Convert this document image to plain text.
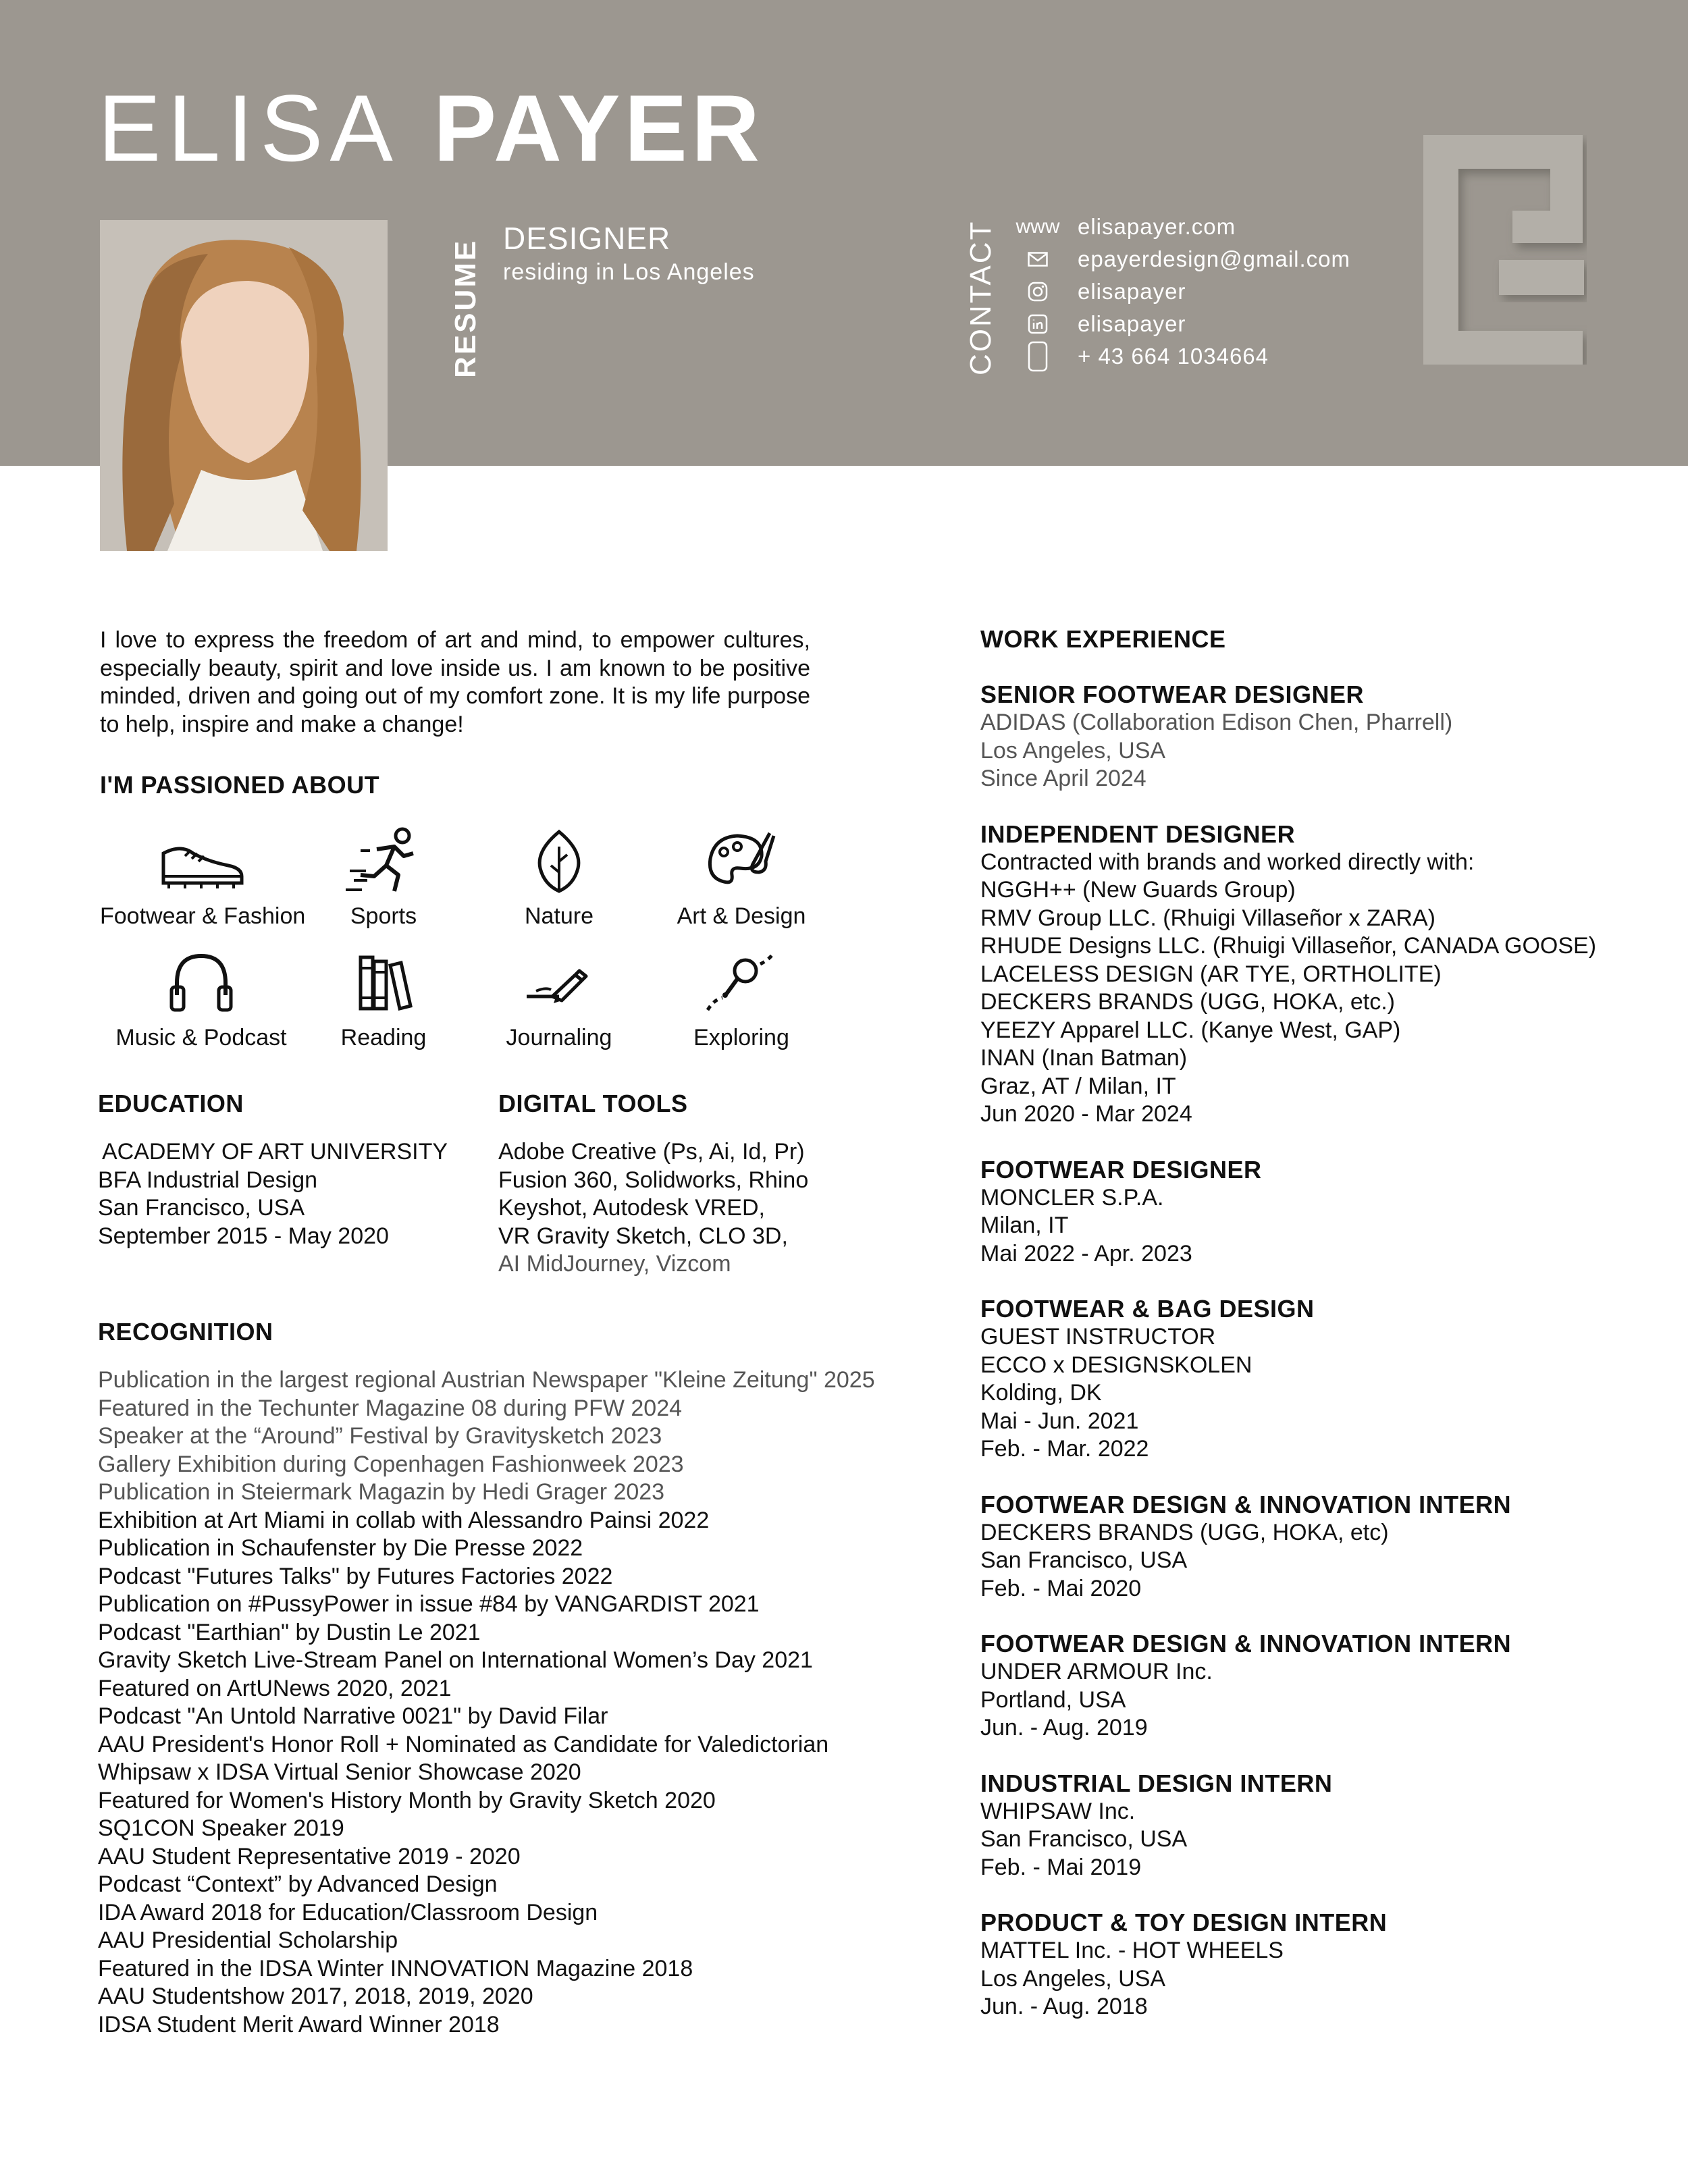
ELISA PAYER
RESUME
DESIGNER
residing in Los Angeles	CONTACT www elisapayer.com
epayerdesign@gmail.com
elisapayer
elisapayer
+ 43 664 1034664
I love to express the freedom of art and mind, to empower cultures, especially beauty, spirit and love inside us. I am known to be positive minded, driven and going out of my comfort zone. It is my life purpose to help, inspire and make a change!
I'M PASSIONED ABOUT
Footwear & Fashion	Sports	Nature	Art & Design
Music & Podcast	Reading	Journaling	Exploring
EDUCATION
ACADEMY OF ART UNIVERSITY
BFA Industrial Design
San Francisco, USA
September 2015 - May 2020
DIGITAL TOOLS
Adobe Creative (Ps, Ai, Id, Pr)
Fusion 360, Solidworks, Rhino
Keyshot, Autodesk VRED,
VR Gravity Sketch, CLO 3D,
AI MidJourney, Vizcom
RECOGNITION
Publication in the largest regional Austrian Newspaper "Kleine Zeitung" 2025
Featured in the Techunter Magazine 08 during PFW 2024
Speaker at the “Around” Festival by Gravitysketch 2023
Gallery Exhibition during Copenhagen Fashionweek 2023
Publication in Steiermark Magazin by Hedi Grager 2023
Exhibition at Art Miami in collab with Alessandro Painsi 2022
Publication in Schaufenster by Die Presse 2022
Podcast "Futures Talks" by Futures Factories 2022
Publication on #PussyPower in issue #84 by VANGARDIST 2021
Podcast "Earthian" by Dustin Le 2021
Gravity Sketch Live-Stream Panel on International Women’s Day 2021
Featured on ArtUNews 2020, 2021
Podcast "An Untold Narrative 0021" by David Filar
AAU President's Honor Roll + Nominated as Candidate for Valedictorian
Whipsaw x IDSA Virtual Senior Showcase 2020
Featured for Women's History Month by Gravity Sketch 2020
SQ1CON Speaker 2019
AAU Student Representative 2019 - 2020
Podcast “Context” by Advanced Design
IDA Award 2018 for Education/Classroom Design
AAU Presidential Scholarship
Featured in the IDSA Winter INNOVATION Magazine 2018
AAU Studentshow 2017, 2018, 2019, 2020
IDSA Student Merit Award Winner 2018
WORK EXPERIENCE
SENIOR FOOTWEAR DESIGNER
ADIDAS (Collaboration Edison Chen, Pharrell)
Los Angeles, USA
Since April 2024
INDEPENDENT DESIGNER
Contracted with brands and worked directly with:
NGGH++ (New Guards Group)
RMV Group LLC. (Rhuigi Villaseñor x ZARA)
RHUDE Designs LLC. (Rhuigi Villaseñor, CANADA GOOSE)
LACELESS DESIGN (AR TYE, ORTHOLITE)
DECKERS BRANDS (UGG, HOKA, etc.)
YEEZY Apparel LLC. (Kanye West, GAP)
INAN (Inan Batman)
Graz, AT / Milan, IT
Jun 2020 - Mar 2024
FOOTWEAR DESIGNER
MONCLER S.P.A.
Milan, IT
Mai 2022 - Apr. 2023
FOOTWEAR & BAG DESIGN
GUEST INSTRUCTOR
ECCO x DESIGNSKOLEN
Kolding, DK
Mai - Jun. 2021
Feb. - Mar. 2022
FOOTWEAR DESIGN & INNOVATION INTERN
DECKERS BRANDS (UGG, HOKA, etc)
San Francisco, USA
Feb. - Mai 2020
FOOTWEAR DESIGN & INNOVATION INTERN
UNDER ARMOUR Inc.
Portland, USA
Jun. - Aug. 2019
INDUSTRIAL DESIGN INTERN
WHIPSAW Inc.
San Francisco, USA
Feb. - Mai 2019
PRODUCT & TOY DESIGN INTERN
MATTEL Inc. - HOT WHEELS
Los Angeles, USA
Jun. - Aug. 2018
